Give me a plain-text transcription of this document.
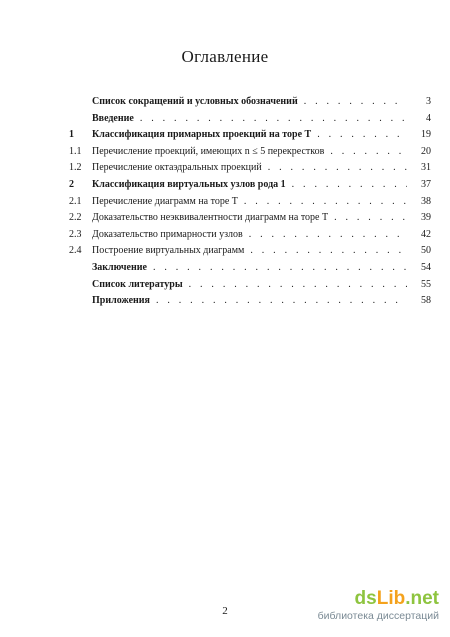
Оглавление
Список сокращений и условных обозначений . . .	3
Введение . . .	4
1	Классификация примарных проекций на торе T . . .	19
1.1	Перечисление проекций, имеющих n ≤ 5 перекрестков . . .	20
1.2	Перечисление октаэдральных проекций . . .	31
2	Классификация виртуальных узлов рода 1 . . .	37
2.1	Перечисление диаграмм на торе T . . .	38
2.2	Доказательство неэквивалентности диаграмм на торе T . . .	39
2.3	Доказательство примарности узлов . . .	42
2.4	Построение виртуальных диаграмм . . .	50
Заключение . . .	54
Список литературы . . .	55
Приложения . . .	58
2
dsLib.net
библиотека диссертаций
